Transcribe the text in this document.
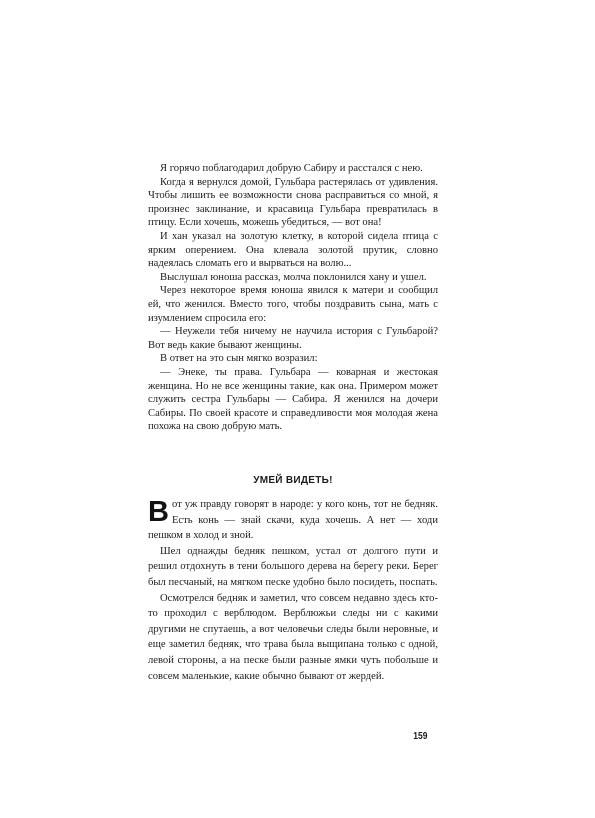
Я горячо поблагодарил добрую Сабиру и расстался с нею.

Когда я вернулся домой, Гульбара растерялась от удивления. Чтобы лишить ее возможности снова расправиться со мной, я произнес заклинание, и красавица Гульбара превратилась в птицу. Если хочешь, можешь убедиться, — вот она!

И хан указал на золотую клетку, в которой сидела птица с ярким оперением. Она клевала золотой прутик, словно надеялась сломать его и вырваться на волю...

Выслушал юноша рассказ, молча поклонился хану и ушел.

Через некоторое время юноша явился к матери и сообщил ей, что женился. Вместо того, чтобы поздравить сына, мать с изумлением спросила его:

— Неужели тебя ничему не научила история с Гульбарой? Вот ведь какие бывают женщины.

В ответ на это сын мягко возразил:

— Энеке, ты права. Гульбара — коварная и жестокая женщина. Но не все женщины такие, как она. Примером может служить сестра Гульбары — Сабира. Я женился на дочери Сабиры. По своей красоте и справедливости моя молодая жена похожа на свою добрую мать.

УМЕЙ ВИДЕТЬ!

Вот уж правду говорят в народе: у кого конь, тот не бедняк. Есть конь — знай скачи, куда хочешь. А нет — ходи пешком в холод и зной.

Шел однажды бедняк пешком, устал от долгого пути и решил отдохнуть в тени большого дерева на берегу реки. Берег был песчаный, на мягком песке удобно было посидеть, поспать.

Осмотрелся бедняк и заметил, что совсем недавно здесь кто-то проходил с верблюдом. Верблюжьи следы ни с какими другими не спутаешь, а вот человечьи следы были неровные, и еще заметил бедняк, что трава была выщипана только с одной, левой стороны, а на песке были разные ямки чуть побольше и совсем маленькие, какие обычно бывают от жердей.

159
